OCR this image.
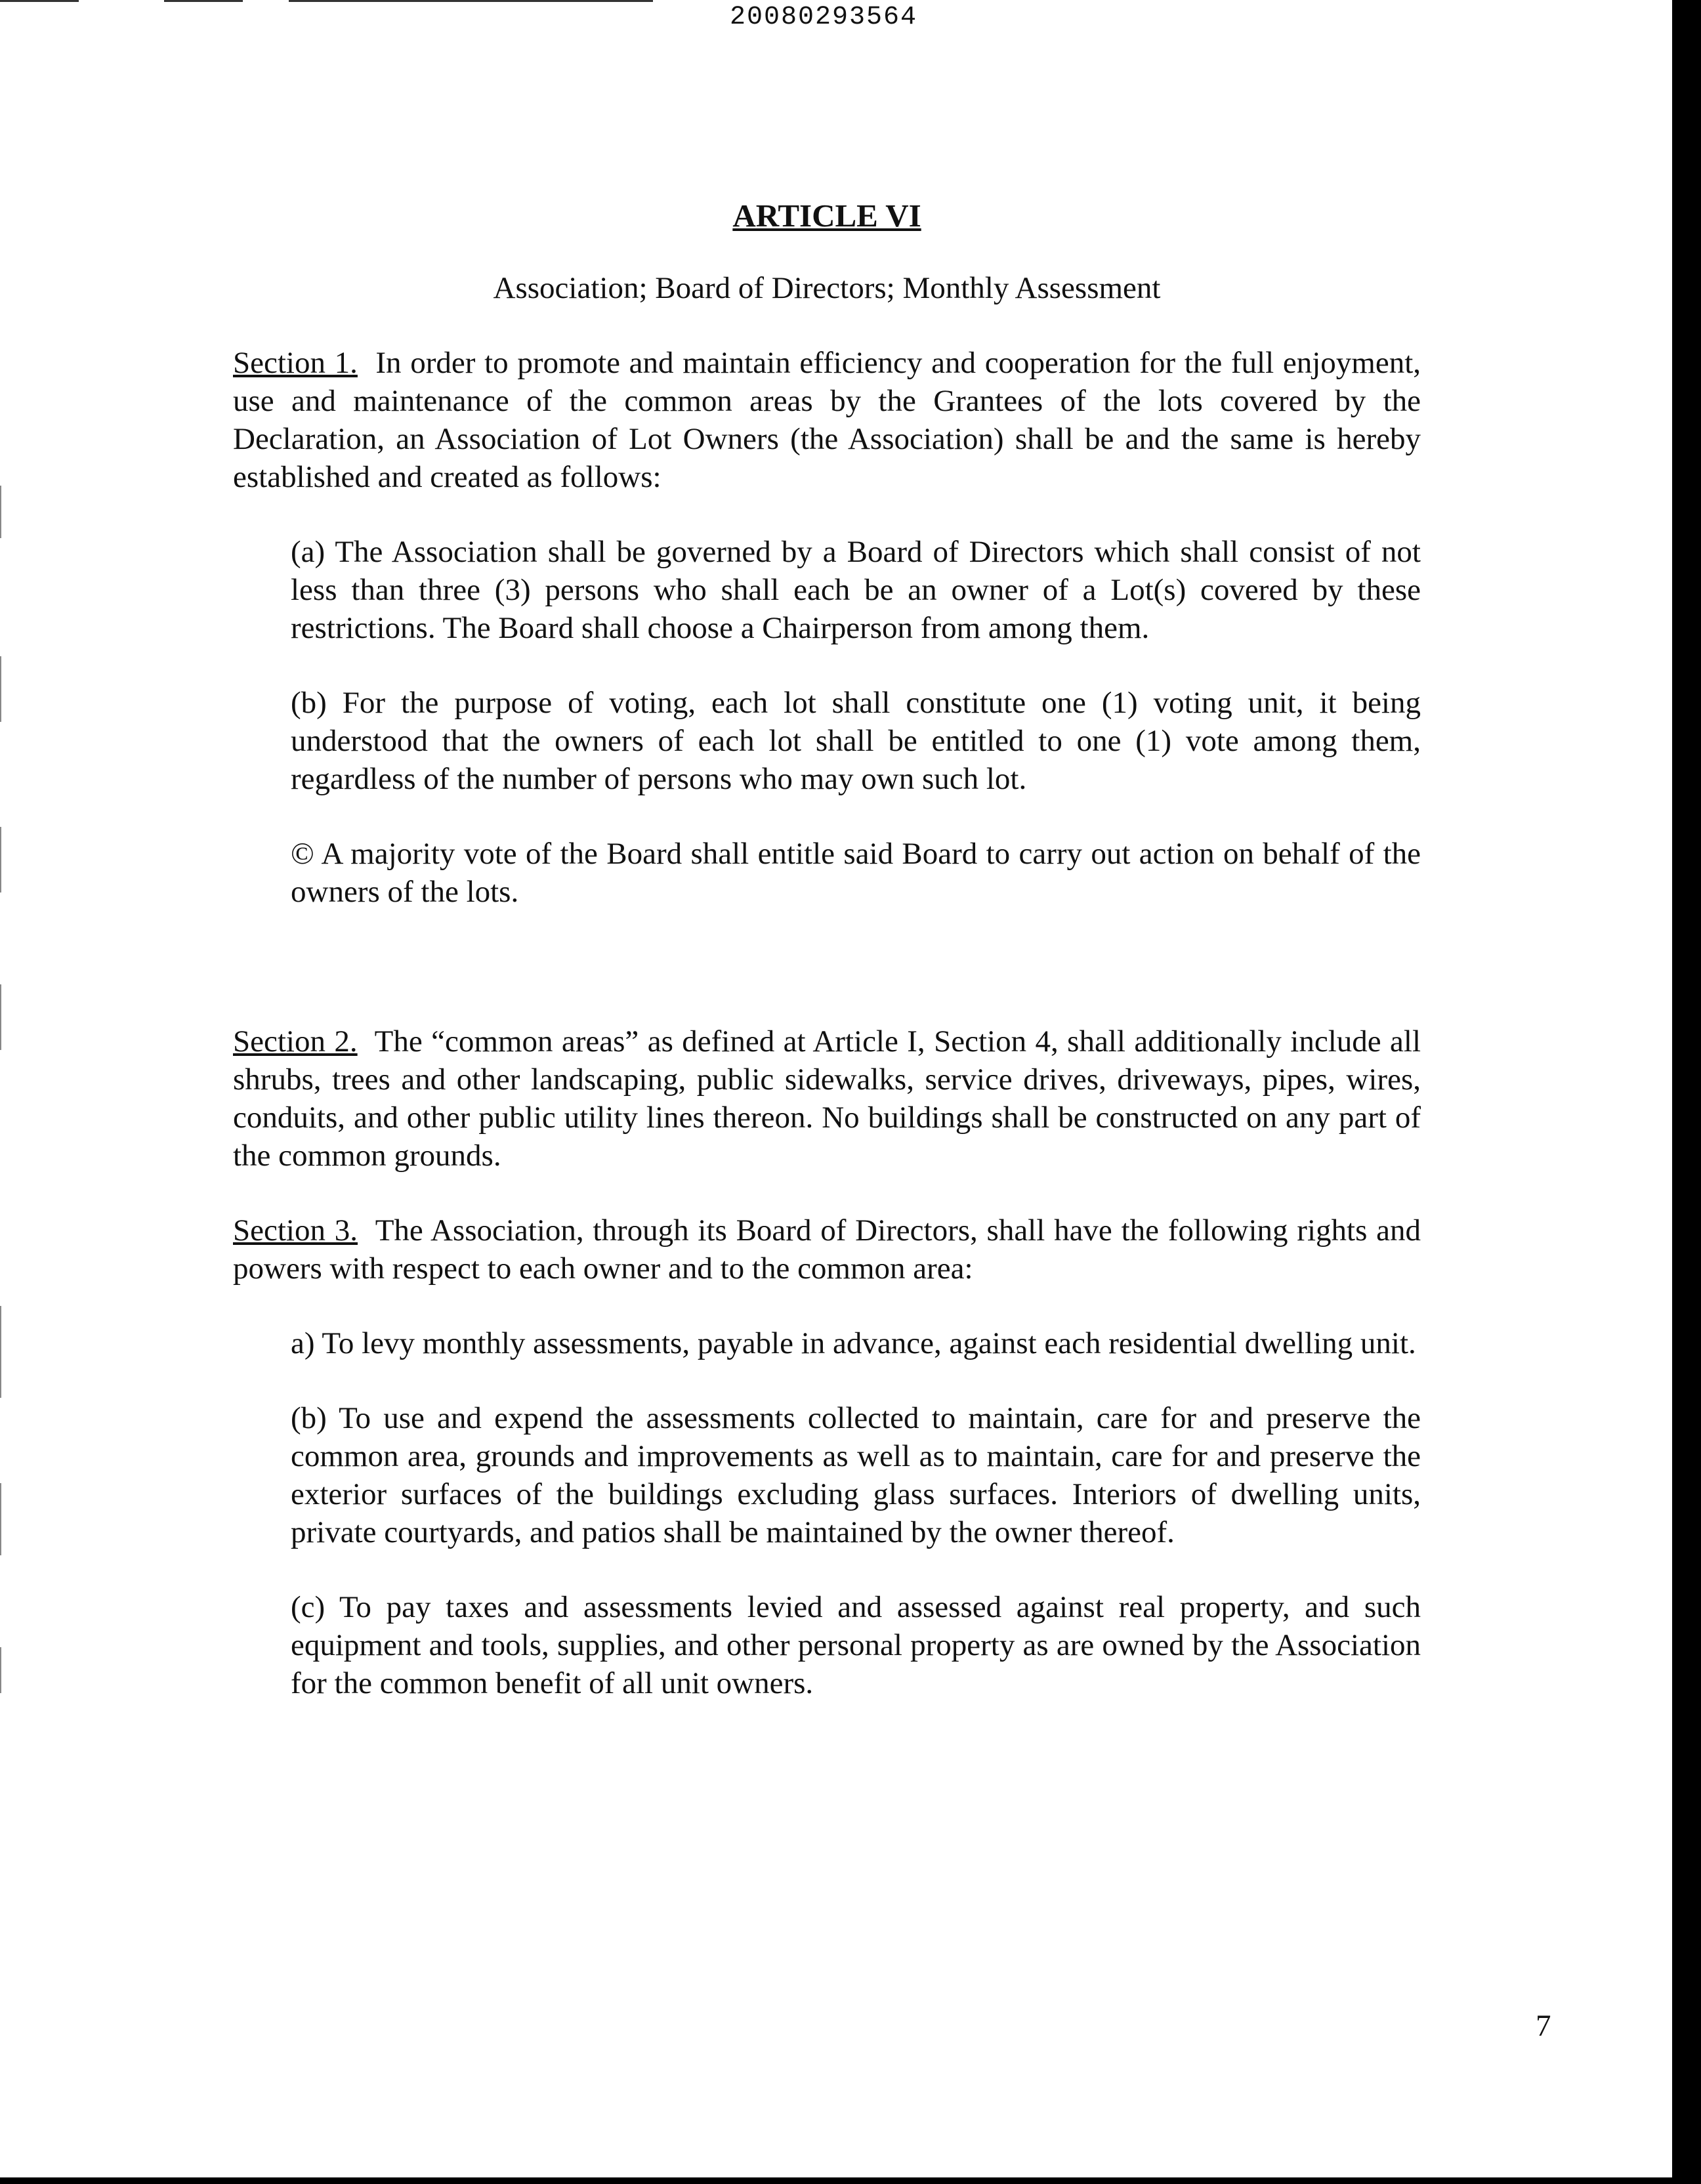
20080293564
ARTICLE VI
Association; Board of Directors; Monthly Assessment

Section 1. In order to promote and maintain efficiency and cooperation for the full enjoyment, use and maintenance of the common areas by the Grantees of the lots covered by the Declaration, an Association of Lot Owners (the Association) shall be and the same is hereby established and created as follows:

(a) The Association shall be governed by a Board of Directors which shall consist of not less than three (3) persons who shall each be an owner of a Lot(s) covered by these restrictions. The Board shall choose a Chairperson from among them.

(b) For the purpose of voting, each lot shall constitute one (1) voting unit, it being understood that the owners of each lot shall be entitled to one (1) vote among them, regardless of the number of persons who may own such lot.

© A majority vote of the Board shall entitle said Board to carry out action on behalf of the owners of the lots.

Section 2. The “common areas” as defined at Article I, Section 4, shall additionally include all shrubs, trees and other landscaping, public sidewalks, service drives, driveways, pipes, wires, conduits, and other public utility lines thereon. No buildings shall be constructed on any part of the common grounds.

Section 3. The Association, through its Board of Directors, shall have the following rights and powers with respect to each owner and to the common area:

a) To levy monthly assessments, payable in advance, against each residential dwelling unit.

(b) To use and expend the assessments collected to maintain, care for and preserve the common area, grounds and improvements as well as to maintain, care for and preserve the exterior surfaces of the buildings excluding glass surfaces. Interiors of dwelling units, private courtyards, and patios shall be maintained by the owner thereof.

(c) To pay taxes and assessments levied and assessed against real property, and such equipment and tools, supplies, and other personal property as are owned by the Association for the common benefit of all unit owners.

7
